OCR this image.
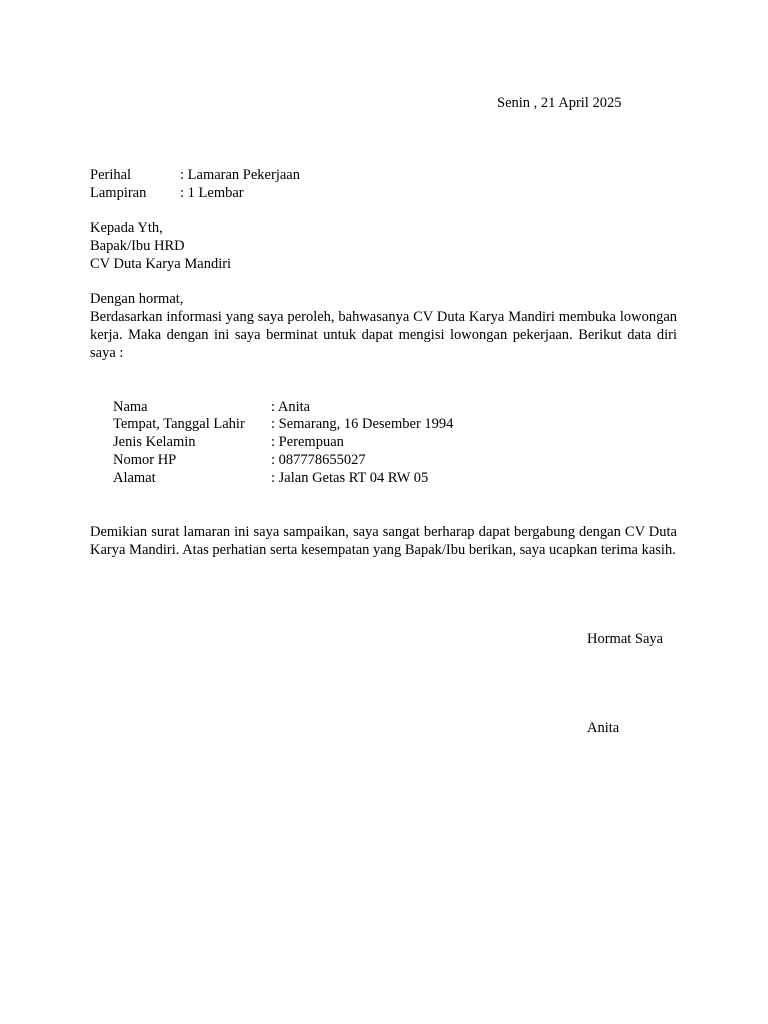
Senin , 21 April 2025
Perihal	: Lamaran Pekerjaan
Lampiran : 1 Lembar
Kepada Yth,
Bapak/Ibu HRD
CV Duta Karya Mandiri
Dengan hormat,
Berdasarkan informasi yang saya peroleh, bahwasanya CV Duta Karya Mandiri membuka lowongan kerja. Maka dengan ini saya berminat untuk dapat mengisi lowongan pekerjaan. Berikut data diri saya :
Nama	: Anita
Tempat, Tanggal Lahir : Semarang, 16 Desember 1994
Jenis Kelamin	: Perempuan
Nomor HP	: 087778655027
Alamat	: Jalan Getas RT 04 RW 05
Demikian surat lamaran ini saya sampaikan, saya sangat berharap dapat bergabung dengan CV Duta Karya Mandiri. Atas perhatian serta kesempatan yang Bapak/Ibu berikan, saya ucapkan terima kasih.
Hormat Saya
Anita
